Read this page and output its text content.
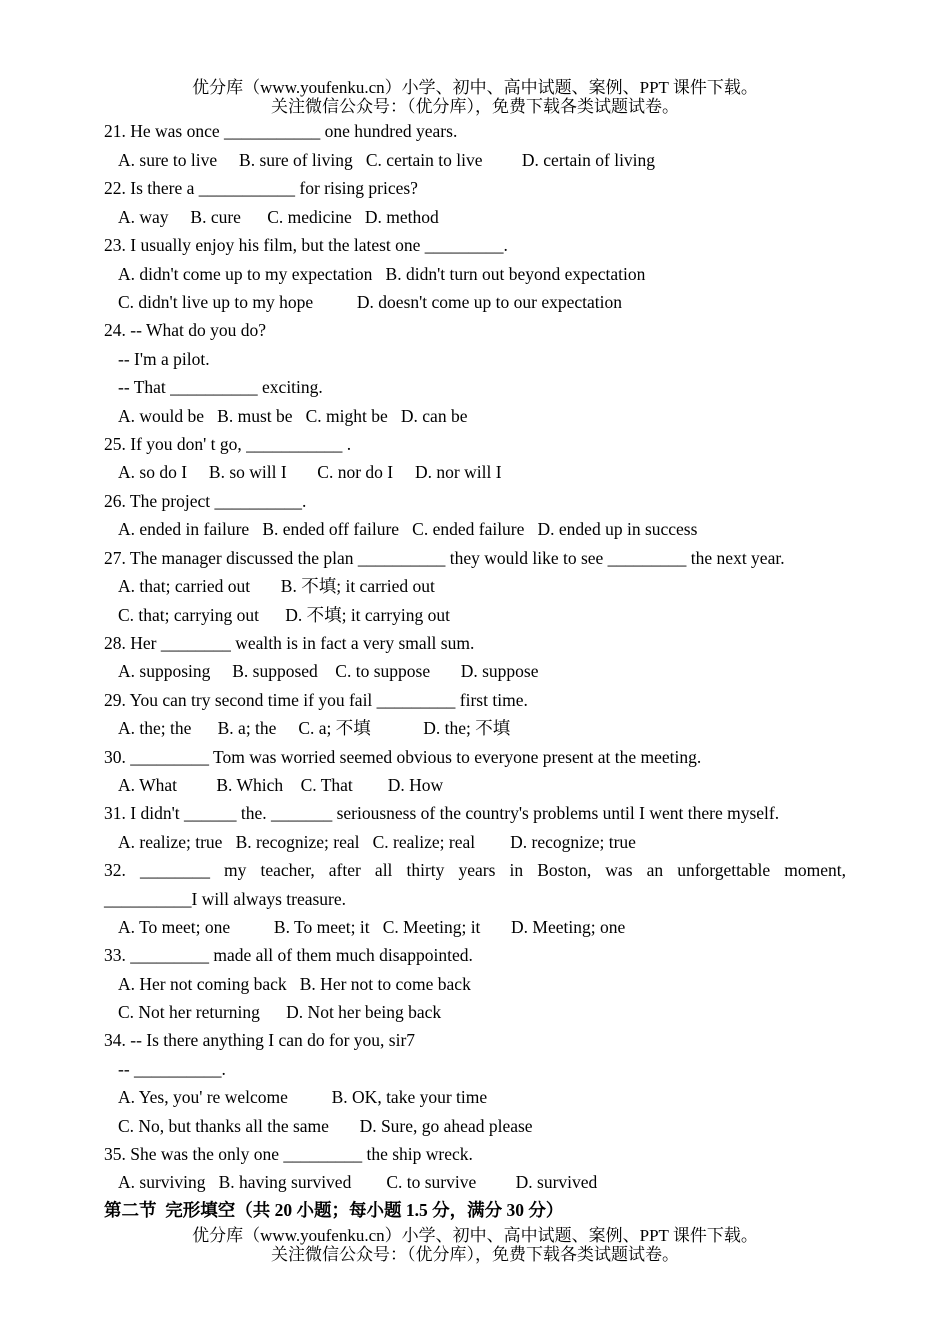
优分库（www.youfenku.cn）小学、初中、高中试题、案例、PPT 课件下载。
关注微信公众号：（优分库），免费下载各类试题试卷。
21. He was once ___________ one hundred years.
A. sure to live     B. sure of living   C. certain to live         D. certain of living
22. Is there a ___________ for rising prices?
A. way     B. cure      C. medicine   D. method
23. I usually enjoy his film, but the latest one _________.
A. didn't come up to my expectation   B. didn't turn out beyond expectation
C. didn't live up to my hope          D. doesn't come up to our expectation
24. -- What do you do?
-- I'm a pilot.
-- That __________ exciting.
A. would be   B. must be   C. might be   D. can be
25. If you don' t go, ___________ .
A. so do I     B. so will I       C. nor do I     D. nor will I
26. The project __________.
A. ended in failure   B. ended off failure   C. ended failure   D. ended up in success
27. The manager discussed the plan __________ they would like to see _________ the next year.
A. that; carried out       B. 不填; it carried out
C. that; carrying out      D. 不填; it carrying out
28. Her ________ wealth is in fact a very small sum.
A. supposing     B. supposed    C. to suppose       D. suppose
29. You can try second time if you fail _________ first time.
A. the; the      B. a; the     C. a; 不填            D. the; 不填
30. _________ Tom was worried seemed obvious to everyone present at the meeting.
A. What         B. Which    C. That        D. How
31. I didn't ______ the. _______ seriousness of the country's problems until I went there myself.
A. realize; true   B. recognize; real   C. realize; real        D. recognize; true
32. ________ my teacher, after all thirty years in Boston, was an unforgettable moment,
__________I will always treasure.
A. To meet; one          B. To meet; it   C. Meeting; it       D. Meeting; one
33. _________ made all of them much disappointed.
A. Her not coming back   B. Her not to come back
C. Not her returning      D. Not her being back
34. -- Is there anything I can do for you, sir7
-- __________.
A. Yes, you' re welcome          B. OK, take your time
C. No, but thanks all the same       D. Sure, go ahead please
35. She was the only one _________ the ship wreck.
A. surviving   B. having survived        C. to survive         D. survived
第二节  完形填空（共 20 小题；每小题 1.5 分，满分 30 分）
优分库（www.youfenku.cn）小学、初中、高中试题、案例、PPT 课件下载。
关注微信公众号：（优分库），免费下载各类试题试卷。
